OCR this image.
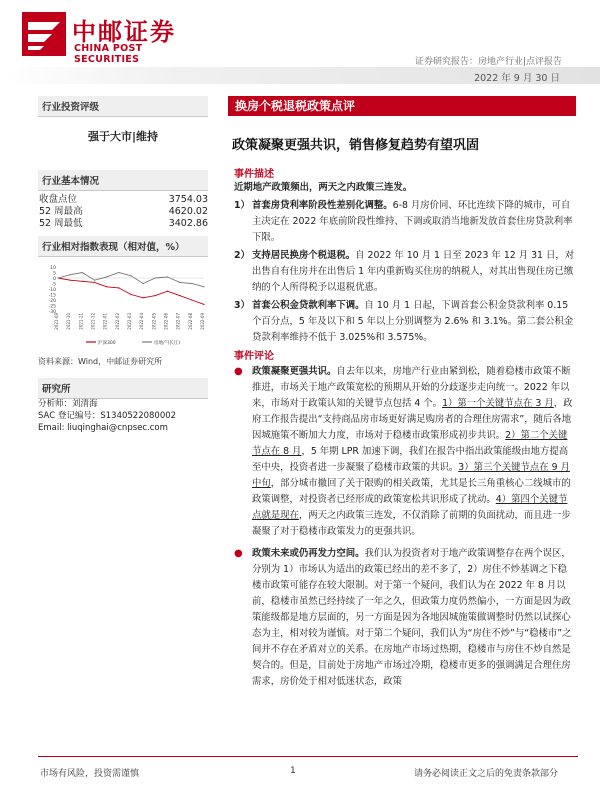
中邮证券
CHINA POST SECURITIES	证券研究报告：房地产行业|点评报告
2022 年 9 月 30 日
行业投资评级
强于大市|维持
行业基本情况
收盘点位	3754.03
52 周最高	4620.02
52 周最低	3402.86
行业相对指数表现（相对值，%）
10
5
0
-5
-10
-15
-20
-25
-30
2021-09 2021-10 2021-11 2021-12 2022-01 2022-02 2022-03 2022-04 2022-05 2022-06 2022-07 2022-08 2022-09
沪深300	房地产(长江)
资料来源：Wind，中邮证券研究所
研究所
分析师：刘清海
SAC 登记编号：S1340522080002
Email: liuqinghai@cnpsec.com
换房个税退税政策点评
政策凝聚更强共识，销售修复趋势有望巩固
事件描述

近期地产政策频出，两天之内政策三连发。

1） 首套房贷利率阶段性差别化调整。6-8 月房价同、环比连续下降的城市，可自主决定在 2022 年底前阶段性维持、下调或取消当地新发放首套住房贷款利率下限。

2） 支持居民换房个税退税。自 2022 年 10 月 1 日至 2023 年 12 月 31 日，对出售自有住房并在出售后 1 年内重新购买住房的纳税人，对其出售现住房已缴纳的个人所得税予以退税优惠。

3） 首套公积金贷款利率下调。自 10 月 1 日起，下调首套公积金贷款利率 0.15 个百分点，5 年及以下和 5 年以上分别调整为 2.6% 和 3.1%。第二套公积金贷款利率维持不低于 3.025%和 3.575%。

事件评论
● 政策凝聚更强共识。自去年以来，房地产行业由紧到松，随着稳楼市政策不断推进，市场关于地产政策宽松的预期从开始的分歧逐步走向统一。2022 年以来，市场对于政策认知的关键节点包括 4 个。1）第一个关键节点在 3 月，政府工作报告提出“支持商品房市场更好满足购房者的合理住房需求”，随后各地因城施策不断加大力度，市场对于稳楼市政策形成初步共识。2）第二个关键节点在 8 月，5 年期 LPR 加速下调，我们在报告中指出政策能级由地方提高至中央，投资者进一步凝聚了稳楼市政策的共识。3）第三个关键节点在 9 月中旬，部分城市撤回了关于限购的相关政策，尤其是长三角重核心二线城市的政策调整，对投资者已经形成的政策宽松共识形成了扰动。4）第四个关键节点就是现在，两天之内政策三连发，不仅消除了前期的负面扰动，而且进一步凝聚了对于稳楼市政策发力的更强共识。

● 政策未来或仍再发力空间。我们认为投资者对于地产政策调整存在两个误区，分别为 1）市场认为适出的政策已经出的差不多了，2）房住不炒基调之下稳楼市政策可能存在较大限制。对于第一个疑问，我们认为在 2022 年 8 月以前，稳楼市虽然已经持续了一年之久，但政策力度仍然偏小，一方面是因为政策能级都是地方层面的，另一方面是因为各地因城施策做调整时仍然以试探心态为主，相对较为谨慎。对于第二个疑问，我们认为“房住不炒”与“稳楼市”之间并不存在矛盾对立的关系。在房地产市场过热期，稳楼市与房住不炒自然是契合的。但是，目前处于房地产市场过冷期，稳楼市更多的强调满足合理住房需求，房价处于相对低迷状态，政策

市场有风险，投资需谨慎	1	请务必阅读正文之后的免责条款部分
